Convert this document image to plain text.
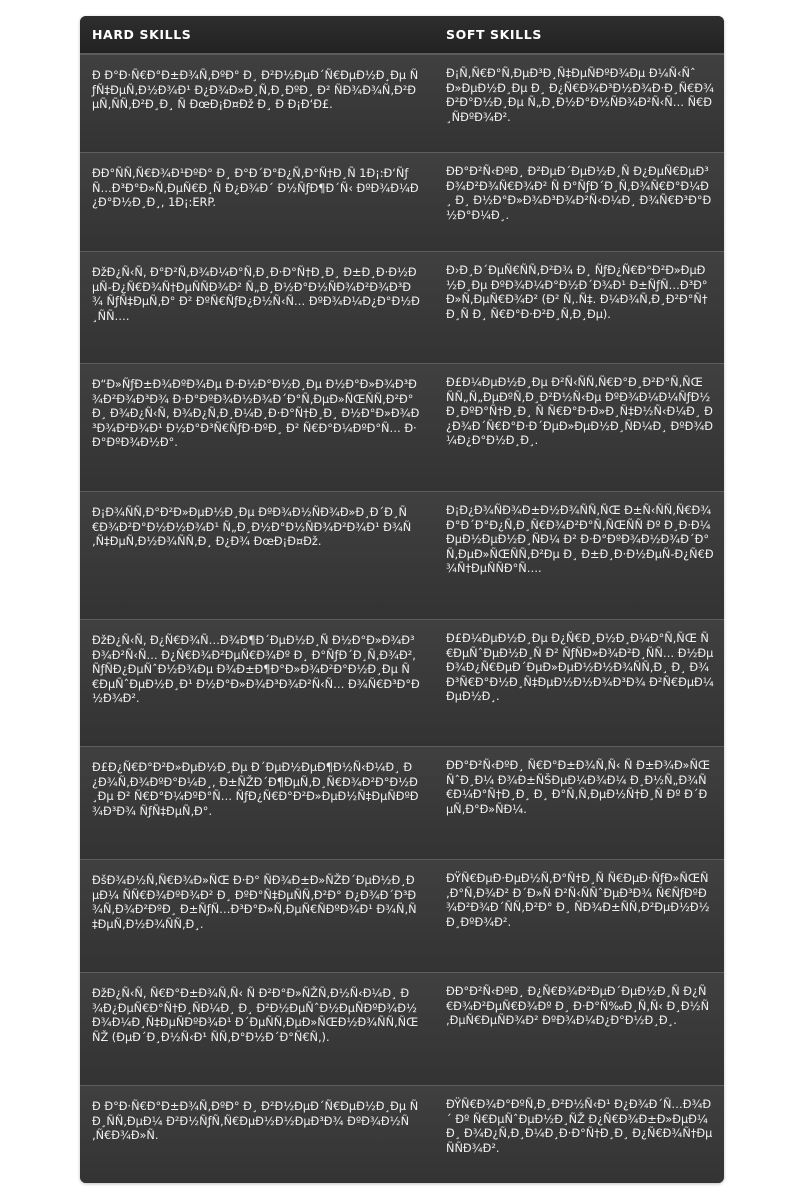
HARD SKILLS	SOFT SKILLS
Ð Ð°Ð·Ñ€Ð°Ð±Ð¾Ñ‚ÐºÐ° Ð¸ Ð²Ð½ÐµÐ´Ñ€ÐµÐ½Ð¸Ðµ ÑƒÑ‡ÐµÑ‚Ð½Ð¾Ð¹ Ð¿Ð¾Ð»Ð¸Ñ‚Ð¸ÐºÐ¸ Ð² ÑÐ¾Ð¾Ñ‚Ð²ÐµÑ‚ÑÑ‚Ð²Ð¸Ð¸ Ñ ÐœÐ¡Ð¤Ðž Ð¸ Ð Ð¡Ð‘Ð£.
Ð¡Ñ‚Ñ€Ð°Ñ‚ÐµÐ³Ð¸Ñ‡ÐµÑÐºÐ¾Ðµ Ð¼Ñ‹ÑˆÐ»ÐµÐ½Ð¸Ðµ Ð¸ Ð¿Ñ€Ð¾Ð³Ð½Ð¾Ð·Ð¸Ñ€Ð¾Ð²Ð°Ð½Ð¸Ðµ Ñ„Ð¸Ð½Ð°Ð½ÑÐ¾Ð²Ñ‹Ñ… Ñ€Ð¸ÑÐºÐ¾Ð².
ÐÐ°ÑÑ‚Ñ€Ð¾Ð¹ÐºÐ° Ð¸ Ð°Ð´Ð°Ð¿Ñ‚Ð°Ñ†Ð¸Ñ 1Ð¡:Ð‘ÑƒÑ…Ð³Ð°Ð»Ñ‚ÐµÑ€Ð¸Ñ Ð¿Ð¾Ð´ Ð½ÑƒÐ¶Ð´Ñ‹ ÐºÐ¾Ð¼Ð¿Ð°Ð½Ð¸Ð¸, 1Ð¡:ERP.
ÐÐ°Ð²Ñ‹ÐºÐ¸ Ð²ÐµÐ´ÐµÐ½Ð¸Ñ Ð¿ÐµÑ€ÐµÐ³Ð¾Ð²Ð¾Ñ€Ð¾Ð² Ñ Ð°ÑƒÐ´Ð¸Ñ‚Ð¾Ñ€Ð°Ð¼Ð¸ Ð¸ Ð½Ð°Ð»Ð¾Ð³Ð¾Ð²Ñ‹Ð¼Ð¸ Ð¾Ñ€Ð³Ð°Ð½Ð°Ð¼Ð¸.
ÐžÐ¿Ñ‹Ñ‚ Ð°Ð²Ñ‚Ð¾Ð¼Ð°Ñ‚Ð¸Ð·Ð°Ñ†Ð¸Ð¸ Ð±Ð¸Ð·Ð½ÐµÑ-Ð¿Ñ€Ð¾Ñ†ÐµÑÑÐ¾Ð² Ñ„Ð¸Ð½Ð°Ð½ÑÐ¾Ð²Ð¾Ð³Ð¾ ÑƒÑ‡ÐµÑ‚Ð° Ð² ÐºÑ€ÑƒÐ¿Ð½Ñ‹Ñ… ÐºÐ¾Ð¼Ð¿Ð°Ð½Ð¸ÑÑ….
Ð›Ð¸Ð´ÐµÑ€ÑÑ‚Ð²Ð¾ Ð¸ ÑƒÐ¿Ñ€Ð°Ð²Ð»ÐµÐ½Ð¸Ðµ ÐºÐ¾Ð¼Ð°Ð½Ð´Ð¾Ð¹ Ð±ÑƒÑ…Ð³Ð°Ð»Ñ‚ÐµÑ€Ð¾Ð² (Ð² Ñ‚.Ñ‡. Ð¼Ð¾Ñ‚Ð¸Ð²Ð°Ñ†Ð¸Ñ Ð¸ Ñ€Ð°Ð·Ð²Ð¸Ñ‚Ð¸Ðµ).
Ð“Ð»ÑƒÐ±Ð¾ÐºÐ¾Ðµ Ð·Ð½Ð°Ð½Ð¸Ðµ Ð½Ð°Ð»Ð¾Ð³Ð¾Ð²Ð¾Ð³Ð¾ Ð·Ð°ÐºÐ¾Ð½Ð¾Ð´Ð°Ñ‚ÐµÐ»ÑŒÑÑ‚Ð²Ð° Ð¸ Ð¾Ð¿Ñ‹Ñ‚ Ð¾Ð¿Ñ‚Ð¸Ð¼Ð¸Ð·Ð°Ñ†Ð¸Ð¸ Ð½Ð°Ð»Ð¾Ð³Ð¾Ð²Ð¾Ð¹ Ð½Ð°Ð³Ñ€ÑƒÐ·ÐºÐ¸ Ð² Ñ€Ð°Ð¼ÐºÐ°Ñ… Ð·Ð°ÐºÐ¾Ð½Ð°.
Ð£Ð¼ÐµÐ½Ð¸Ðµ Ð²Ñ‹ÑÑ‚Ñ€Ð°Ð¸Ð²Ð°Ñ‚ÑŒ ÑÑ„Ñ„ÐµÐºÑ‚Ð¸Ð²Ð½Ñ‹Ðµ ÐºÐ¾Ð¼Ð¼ÑƒÐ½Ð¸ÐºÐ°Ñ†Ð¸Ð¸ Ñ Ñ€Ð°Ð·Ð»Ð¸Ñ‡Ð½Ñ‹Ð¼Ð¸ Ð¿Ð¾Ð´Ñ€Ð°Ð·Ð´ÐµÐ»ÐµÐ½Ð¸ÑÐ¼Ð¸ ÐºÐ¾Ð¼Ð¿Ð°Ð½Ð¸Ð¸.
Ð¡Ð¾ÑÑ‚Ð°Ð²Ð»ÐµÐ½Ð¸Ðµ ÐºÐ¾Ð½ÑÐ¾Ð»Ð¸Ð´Ð¸Ñ€Ð¾Ð²Ð°Ð½Ð½Ð¾Ð¹ Ñ„Ð¸Ð½Ð°Ð½ÑÐ¾Ð²Ð¾Ð¹ Ð¾Ñ‚Ñ‡ÐµÑ‚Ð½Ð¾ÑÑ‚Ð¸ Ð¿Ð¾ ÐœÐ¡Ð¤Ðž.
Ð¡Ð¿Ð¾ÑÐ¾Ð±Ð½Ð¾ÑÑ‚ÑŒ Ð±Ñ‹ÑÑ‚Ñ€Ð¾ Ð°Ð´Ð°Ð¿Ñ‚Ð¸Ñ€Ð¾Ð²Ð°Ñ‚ÑŒÑÑ Ðº Ð¸Ð·Ð¼ÐµÐ½ÐµÐ½Ð¸ÑÐ¼ Ð² Ð·Ð°ÐºÐ¾Ð½Ð¾Ð´Ð°Ñ‚ÐµÐ»ÑŒÑÑ‚Ð²Ðµ Ð¸ Ð±Ð¸Ð·Ð½ÐµÑ-Ð¿Ñ€Ð¾Ñ†ÐµÑÑÐ°Ñ….
ÐžÐ¿Ñ‹Ñ‚ Ð¿Ñ€Ð¾Ñ…Ð¾Ð¶Ð´ÐµÐ½Ð¸Ñ Ð½Ð°Ð»Ð¾Ð³Ð¾Ð²Ñ‹Ñ… Ð¿Ñ€Ð¾Ð²ÐµÑ€Ð¾Ðº Ð¸ Ð°ÑƒÐ´Ð¸Ñ‚Ð¾Ð², ÑƒÑÐ¿ÐµÑˆÐ½Ð¾Ðµ Ð¾Ð±Ð¶Ð°Ð»Ð¾Ð²Ð°Ð½Ð¸Ðµ Ñ€ÐµÑˆÐµÐ½Ð¸Ð¹ Ð½Ð°Ð»Ð¾Ð³Ð¾Ð²Ñ‹Ñ… Ð¾Ñ€Ð³Ð°Ð½Ð¾Ð².
Ð£Ð¼ÐµÐ½Ð¸Ðµ Ð¿Ñ€Ð¸Ð½Ð¸Ð¼Ð°Ñ‚ÑŒ Ñ€ÐµÑˆÐµÐ½Ð¸Ñ Ð² ÑƒÑÐ»Ð¾Ð²Ð¸ÑÑ… Ð½ÐµÐ¾Ð¿Ñ€ÐµÐ´ÐµÐ»ÐµÐ½Ð½Ð¾ÑÑ‚Ð¸ Ð¸ Ð¾Ð³Ñ€Ð°Ð½Ð¸Ñ‡ÐµÐ½Ð½Ð¾Ð³Ð¾ Ð²Ñ€ÐµÐ¼ÐµÐ½Ð¸.
Ð£Ð¿Ñ€Ð°Ð²Ð»ÐµÐ½Ð¸Ðµ Ð´ÐµÐ½ÐµÐ¶Ð½Ñ‹Ð¼Ð¸ Ð¿Ð¾Ñ‚Ð¾ÐºÐ°Ð¼Ð¸, Ð±ÑŽÐ´Ð¶ÐµÑ‚Ð¸Ñ€Ð¾Ð²Ð°Ð½Ð¸Ðµ Ð² Ñ€Ð°Ð¼ÐºÐ°Ñ… ÑƒÐ¿Ñ€Ð°Ð²Ð»ÐµÐ½Ñ‡ÐµÑÐºÐ¾Ð³Ð¾ ÑƒÑ‡ÐµÑ‚Ð°.
ÐÐ°Ð²Ñ‹ÐºÐ¸ Ñ€Ð°Ð±Ð¾Ñ‚Ñ‹ Ñ Ð±Ð¾Ð»ÑŒÑˆÐ¸Ð¼ Ð¾Ð±ÑŠÐµÐ¼Ð¾Ð¼ Ð¸Ð½Ñ„Ð¾Ñ€Ð¼Ð°Ñ†Ð¸Ð¸ Ð¸ Ð°Ñ‚Ñ‚ÐµÐ½Ñ†Ð¸Ñ Ðº Ð´ÐµÑ‚Ð°Ð»ÑÐ¼.
ÐšÐ¾Ð½Ñ‚Ñ€Ð¾Ð»ÑŒ Ð·Ð° ÑÐ¾Ð±Ð»ÑŽÐ´ÐµÐ½Ð¸ÐµÐ¼ ÑÑ€Ð¾ÐºÐ¾Ð² Ð¸ ÐºÐ°Ñ‡ÐµÑÑ‚Ð²Ð° Ð¿Ð¾Ð´Ð³Ð¾Ñ‚Ð¾Ð²ÐºÐ¸ Ð±ÑƒÑ…Ð³Ð°Ð»Ñ‚ÐµÑ€ÑÐºÐ¾Ð¹ Ð¾Ñ‚Ñ‡ÐµÑ‚Ð½Ð¾ÑÑ‚Ð¸.
ÐŸÑ€ÐµÐ·ÐµÐ½Ñ‚Ð°Ñ†Ð¸Ñ Ñ€ÐµÐ·ÑƒÐ»ÑŒÑ‚Ð°Ñ‚Ð¾Ð² Ð´Ð»Ñ Ð²Ñ‹ÑÑˆÐµÐ³Ð¾ Ñ€ÑƒÐºÐ¾Ð²Ð¾Ð´ÑÑ‚Ð²Ð° Ð¸ ÑÐ¾Ð±ÑÑ‚Ð²ÐµÐ½Ð½Ð¸ÐºÐ¾Ð².
ÐžÐ¿Ñ‹Ñ‚ Ñ€Ð°Ð±Ð¾Ñ‚Ñ‹ Ñ Ð²Ð°Ð»ÑŽÑ‚Ð½Ñ‹Ð¼Ð¸ Ð¾Ð¿ÐµÑ€Ð°Ñ†Ð¸ÑÐ¼Ð¸ Ð¸ Ð²Ð½ÐµÑˆÐ½ÐµÑÐºÐ¾Ð½Ð¾Ð¼Ð¸Ñ‡ÐµÑÐºÐ¾Ð¹ Ð´ÐµÑÑ‚ÐµÐ»ÑŒÐ½Ð¾ÑÑ‚ÑŒÑŽ (ÐµÐ´Ð¸Ð½Ñ‹Ð¹ ÑÑ‚Ð°Ð½Ð´Ð°Ñ€Ñ‚).
ÐÐ°Ð²Ñ‹ÐºÐ¸ Ð¿Ñ€Ð¾Ð²ÐµÐ´ÐµÐ½Ð¸Ñ Ð¿Ñ€Ð¾Ð²ÐµÑ€Ð¾Ðº Ð¸ Ð·Ð°Ñ‰Ð¸Ñ‚Ñ‹ Ð¸Ð½Ñ‚ÐµÑ€ÐµÑÐ¾Ð² ÐºÐ¾Ð¼Ð¿Ð°Ð½Ð¸Ð¸.
Ð Ð°Ð·Ñ€Ð°Ð±Ð¾Ñ‚ÐºÐ° Ð¸ Ð²Ð½ÐµÐ´Ñ€ÐµÐ½Ð¸Ðµ ÑÐ¸ÑÑ‚ÐµÐ¼ Ð²Ð½ÑƒÑ‚Ñ€ÐµÐ½Ð½ÐµÐ³Ð¾ ÐºÐ¾Ð½Ñ‚Ñ€Ð¾Ð»Ñ.
ÐŸÑ€Ð¾Ð°ÐºÑ‚Ð¸Ð²Ð½Ñ‹Ð¹ Ð¿Ð¾Ð´Ñ…Ð¾Ð´ Ðº Ñ€ÐµÑˆÐµÐ½Ð¸ÑŽ Ð¿Ñ€Ð¾Ð±Ð»ÐµÐ¼ Ð¸ Ð¾Ð¿Ñ‚Ð¸Ð¼Ð¸Ð·Ð°Ñ†Ð¸Ð¸ Ð¿Ñ€Ð¾Ñ†ÐµÑÑÐ¾Ð².
